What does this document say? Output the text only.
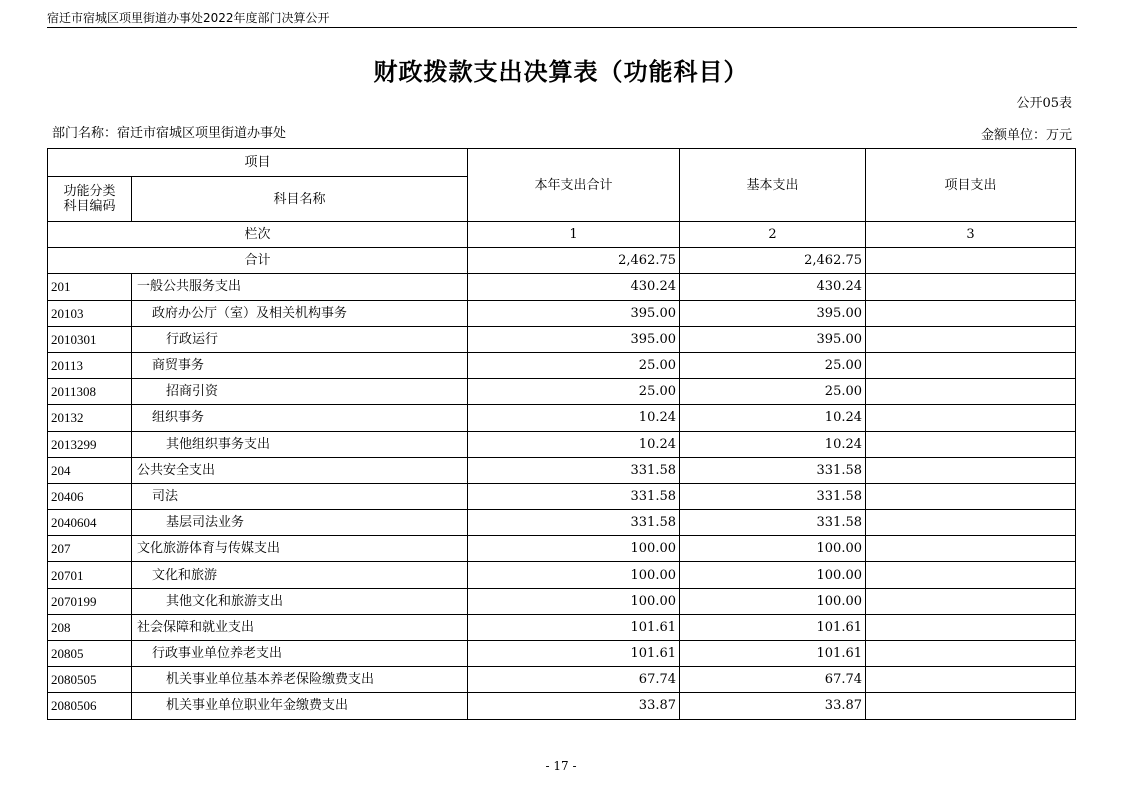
宿迁市宿城区项里街道办事处2022年度部门决算公开
财政拨款支出决算表（功能科目）
公开05表
部门名称：宿迁市宿城区项里街道办事处	金额单位：万元
项目		本年支出合计	基本支出	项目支出

功能分类
科目编码	科目名称			
栏次		1	2	3
合计		2,462.75	2,462.75	
201	一般公共服务支出	430.24	430.24	
20103	政府办公厅（室）及相关机构事务	395.00	395.00	
2010301	行政运行	395.00	395.00	
20113	商贸事务	25.00	25.00	
2011308	招商引资	25.00	25.00	
20132	组织事务	10.24	10.24	
2013299	其他组织事务支出	10.24	10.24	
204	公共安全支出	331.58	331.58	
20406	司法	331.58	331.58	
2040604	基层司法业务	331.58	331.58	
207	文化旅游体育与传媒支出	100.00	100.00	
20701	文化和旅游	100.00	100.00	
2070199	其他文化和旅游支出	100.00	100.00	
208	社会保障和就业支出	101.61	101.61	
20805	行政事业单位养老支出	101.61	101.61	
2080505	机关事业单位基本养老保险缴费支出	67.74	67.74	
2080506	机关事业单位职业年金缴费支出	33.87	33.87	
- 17 -
